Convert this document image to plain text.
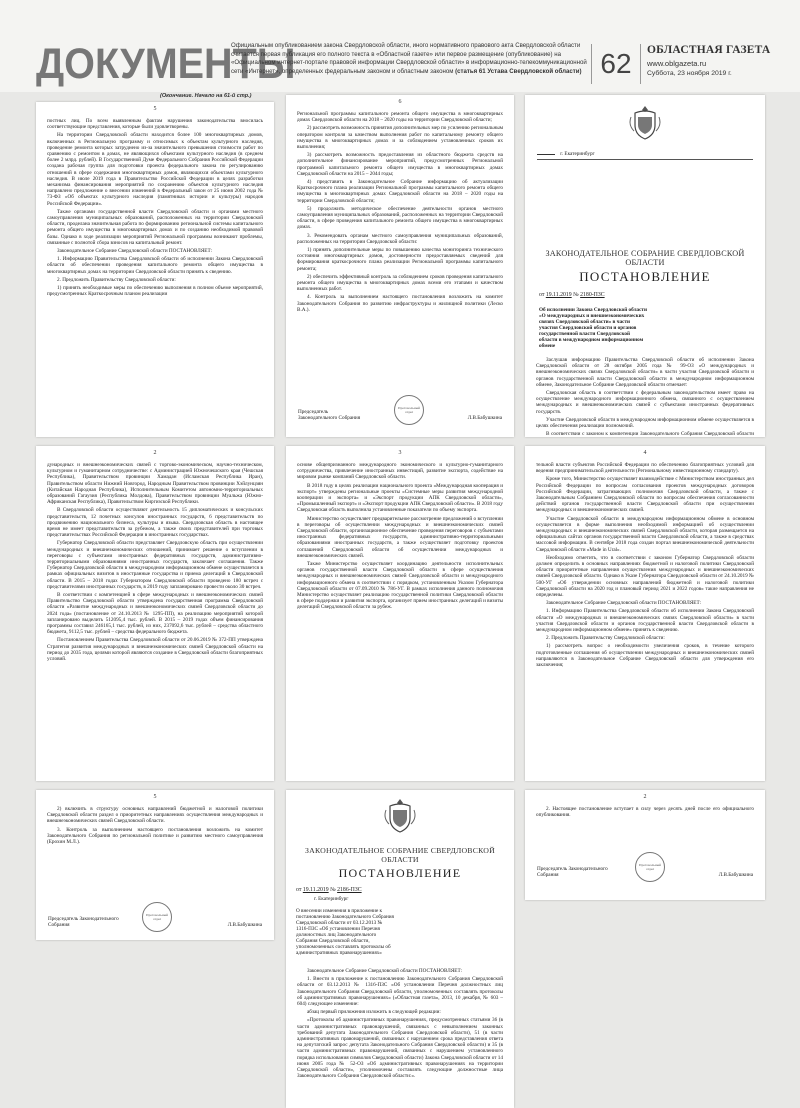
ДОКУМЕНТЫ
Официальным опубликованием закона Свердловской области, иного нормативного правового акта Свердловской области считается первая публикация его полного текста в «Областной газете» или первое размещение (опубликование) на «Официальном интернет-портале правовой информации Свердловской области» в информационно-телекоммуникационной сети «Интернет», определенных федеральным законом и областным законом (статья 61 Устава Свердловской области) 62	ОБЛАСТНАЯ ГАЗЕТА
www.oblgazeta.ru
Суббота, 23 ноября 2019 г.
(Окончание. Начало на 61-й стр.)
5

постных лиц. По всем выявленным фактам нарушения законодательства вносилась соответствующие представления, которые были удовлетворены.

На территории Свердловской области находится более 100 многоквартирных домов, включенных в Региональную программу и относимых к объектам культурного наследия, проведение ремонта которых затруднено из-за значительного превышения стоимости работ по сравнению с ремонтом в домах, не являющихся объектами культурного наследия (в среднем более 2 млрд. рублей). В Государственной Думе Федерального Собрания Российской Федерации создана рабочая группа для подготовки проекта федерального закона по регулированию отношений в сфере содержания многоквартирных домов, являющихся объектами культурного наследия. В июле 2019 года в Правительство Российской Федерации в целях разработки механизма финансирования мероприятий по сохранению объектов культурного наследия направлено предложение о внесении изменений в Федеральный закон от 25 июня 2002 года № 73-ФЗ «Об объектах культурного наследия (памятниках истории и культуры) народов Российской Федерации».

Также органами государственной власти Свердловской области и органами местного самоуправления муниципальных образований, расположенных на территории Свердловской области, проделана значительная работа по формированию региональной системы капитального ремонта общего имущества в многоквартирных домах и по созданию необходимой правовой базы. Однако в ходе реализации мероприятий Региональной программы возникают проблемы, связанные с полнотой сбора взносов на капитальный ремонт.

Законодательное Собрание Свердловской области ПОСТАНОВЛЯЕТ:

1. Информацию Правительства Свердловской области об исполнении Закона Свердловской области об обеспечении проведения капитального ремонта общего имущества в многоквартирных домах на территории Свердловской области принять к сведению.

2. Предложить Правительству Свердловской области:

1) принять необходимые меры по обеспечению выполнения в полном объеме мероприятий, предусмотренных Краткосрочным планом реализации

6

Региональной программы капитального ремонта общего имущества в многоквартирных домах Свердловской области на 2018 – 2020 годы на территории Свердловской области;

2) рассмотреть возможность принятия дополнительных мер по усилению региональным оператором контроля за качеством выполнения работ по капитальному ремонту общего имущества в многоквартирных домах и за соблюдением установленных сроков их выполнения;

3) рассмотреть возможность предоставления из областного бюджета средств на дополнительное финансирование мероприятий, предусмотренных Региональной программой капитального ремонта общего имущества в многоквартирных домах Свердловской области на 2015 – 2044 годы;

4) представить в Законодательное Собрание информацию об актуализации Краткосрочного плана реализации Региональной программы капитального ремонта общего имущества в многоквартирных домах Свердловской области на 2018 – 2020 годы на территории Свердловской области;

5) продолжить методическое обеспечение деятельности органов местного самоуправления муниципальных образований, расположенных на территории Свердловской области, в сфере проведения капитального ремонта общего имущества в многоквартирных домах.

3. Рекомендовать органам местного самоуправления муниципальных образований, расположенных на территории Свердловской области:

1) принять дополнительные меры по повышению качества мониторинга технического состояния многоквартирных домов, достоверности предоставляемых сведений для формирования краткосрочного плана реализации Региональной программы капитального ремонта;

2) обеспечить эффективный контроль за соблюдением сроков проведения капитального ремонта общего имущества в многоквартирных домах всеми его этапами и качеством выполненных работ.

4. Контроль за выполнением настоящего постановления возложить на комитет Законодательного Собрания по развитию инфраструктуры и жилищной политики (Леско В.А.).

Председатель Законодательного Собрания	Л.В.Бабушкина
Протокольный отдел
г. Екатеринбург
ЗАКОНОДАТЕЛЬНОЕ СОБРАНИЕ СВЕРДЛОВСКОЙ ОБЛАСТИ
ПОСТАНОВЛЕНИЕ
от 19.11.2019 № 2180-ПЗС
Об исполнении Закона Свердловской области «О международных и внешнеэкономических связях Свердловской области» в части участия Свердловской области и органов государственной власти Свердловской области в международном информационном обмене

Заслушав информацию Правительства Свердловской области об исполнении Закона Свердловской области от 28 октября 2005 года № 99-ОЗ «О международных и внешнеэкономических связях Свердловской области» в части участия Свердловской области и органов государственной власти Свердловской области в международном информационном обмене, Законодательное Собрание Свердловской области отмечает:

Свердловская область в соответствии с федеральным законодательством имеет право на осуществление международного информационного обмена, связанного с осуществлением международных и внешнеэкономических связей с субъектами иностранных федеративных государств.

Участие Свердловской области в международном информационном обмене осуществляется в целях обеспечения реализации полномочий.

В соответствии с законом к компетенции Законодательного Собрания Свердловской области

2

дународных и внешнеэкономических связей с торгово-экономическом, научно-техническом, культурном и гуманитарном сотрудничестве: с Администрацией Южночешского края (Чешская Республика), Правительством провинции Хамадан (Исламская Республика Иран), Правительством области Нижний Новгород, Народным Правительством провинции Хэйлунцзян (Китайская Народная Республика), Исполнительным Комитетом автономно-территориальных образований Гагаузия (Республика Молдова), Правительством провинции Муальжа (Южно-Африканская Республика), Правительством Киргизской Республики.

В Свердловской области осуществляют деятельность 15 дипломатических и консульских представительств, 12 почетных консулов иностранных государств, 6 представительств по продвижению национального бизнеса, культуры и языка. Свердловская область в настоящее время не имеет представительств за рубежом, а также своих представителей при торговых представительствах Российской Федерации в иностранных государствах.

Губернатор Свердловской области представляет Свердловскую область при осуществлении международных и внешнеэкономических отношений, принимает решение о вступлении в переговоры с субъектами иностранных федеративных государств, административно-территориальными образованиями иностранных государств, заключает соглашения. Также Губернатор Свердловской области в международном информационном обмене осуществляется в рамках официальных визитов в иностранные государства и приема делегаций в Свердловской области. В 2015 – 2018 годах Губернатором Свердловской области проведено 180 встреч с представителями иностранных государств, в 2019 году запланировано провести около 30 встреч.

В соответствии с компетенцией в сфере международных и внешнеэкономических связей Правительство Свердловской области утверждена государственная программа Свердловской области «Развитие международных и внешнеэкономических связей Свердловской области до 2024 года» (постановление от 24.10.2013 № 1295-ПП), на реализацию мероприятий которой запланировано выделить 512095,4 тыс. рублей. В 2015 – 2019 годах объем финансирования программы составил 246165,1 тыс. рублей, из них, 237092,6 тыс. рублей – средства областного бюджета, 9112,5 тыс. рублей – средства федерального бюджета.

Постановлением Правительства Свердловской области от 20.06.2019 № 372-ПП утверждена Стратегия развития международных и внешнеэкономических связей Свердловской области на период до 2035 года, целями которой являются создание в Свердловской области благоприятных условий.

3

основе общепризнанного международного экономического и культурно-гуманитарного сотрудничества, привлечение иностранных инвестиций, развитие экспорта, содействие на мировом рынке компаний Свердловской области.

В 2018 году в целях реализации национального проекта «Международная кооперация и экспорт» утверждены региональные проекты «Системные меры развития международной кооперации и экспорта» и «Экспорт продукции АПК Свердловской области», «Промышленный экспорт» и «Экспорт продукции АПК Свердловской области». В 2018 году Свердловская область выполнила установленные показатели по объему экспорта.

Министерство осуществляет предварительное рассмотрение предложений о вступлении в переговоры об осуществлении международных и внешнеэкономических связей Свердловской области, организационное обеспечение проведения переговоров с субъектами иностранных федеративных государств, административно-территориальными образованиями иностранных государств, а также осуществляет подготовку проектов соглашений Свердловской области об осуществлении международных и внешнеэкономических связей.

Также Министерство осуществляет координацию деятельности исполнительных органов государственной власти Свердловской области в сфере осуществления международных и внешнеэкономических связей Свердловской области и международного информационного обмена в соответствии с порядком, установленным Указом Губернатора Свердловской области от 07.09.2010 № 786-УГ. В рамках исполнения данного полномочия Министерство осуществляет реализацию государственной политики Свердловской области в сфере поддержки и развития экспорта, организует прием иностранных делегаций и визиты делегаций Свердловской области за рубеж.

4

тельной власти субъектов Российской Федерации по обеспечению благоприятных условий для ведения предпринимательской деятельности (Региональному инвестиционному стандарту).

Кроме того, Министерство осуществляет взаимодействие с Министерством иностранных дел Российской Федерации по вопросам согласования проектов международных договоров Российской Федерации, затрагивающих полномочия Свердловской области, а также с Законодательным Собранием Свердловской области по вопросам обеспечения согласованности действий органов государственной власти Свердловской области при осуществлении международных и внешнеэкономических связей.

Участие Свердловской области в международном информационном обмене в основном осуществляется в форме выполнения необходимой информацией об осуществлении международных и внешнеэкономических связей Свердловской области, которая размещается на официальных сайтах органов государственной власти Свердловской области, а также в средствах массовой информации. В сентябре 2018 года создан портал внешнеэкономической деятельности Свердловской области «Made in Ural».

Необходимо отметить, что в соответствии с законом Губернатор Свердловской области должен определить в основных направлениях бюджетной и налоговой политики Свердловской области приоритетные направления осуществления международных и внешнеэкономических связей Свердловской области. Однако в Указе Губернатора Свердловской области от 24.10.2019 № 500-УГ «Об утверждении основных направлений бюджетной и налоговой политики Свердловской области на 2020 год и плановый период 2021 и 2022 годов» такие направления не определены.

Законодательное Собрание Свердловской области ПОСТАНОВЛЯЕТ:

1. Информацию Правительства Свердловской области об исполнении Закона Свердловской области «О международных и внешнеэкономических связях Свердловской области» в части участия Свердловской области и органов государственной власти Свердловской области в международном информационном обмене» принять к сведению.

2. Предложить Правительству Свердловской области:

1) рассмотреть вопрос о необходимости увеличения сроков, в течение которого подготовленные соглашения об осуществлении международных и внешнеэкономических связей направляются в Законодательное Собрание Свердловской области для утверждения его заключения;

5

2) включить в структуру основных направлений бюджетной и налоговой политики Свердловской области раздел о приоритетных направлениях осуществления международных и внешнеэкономических связей Свердловской области.

3. Контроль за выполнением настоящего постановления возложить на комитет Законодательного Собрания по региональной политике и развитию местного самоуправления (Ерохин М.Л.).

Председатель Законодательного Собрания	Л.В.Бабушкина
Протокольный отдел
ЗАКОНОДАТЕЛЬНОЕ СОБРАНИЕ СВЕРДЛОВСКОЙ ОБЛАСТИ
ПОСТАНОВЛЕНИЕ
от 19.11.2019 № 2186-ПЗС
г. Екатеринбург
О внесении изменения в приложение к постановлению Законодательного Собрания Свердловской области от 03.12.2013 № 1316-ПЗС «Об установлении Перечня должностных лиц Законодательного Собрания Свердловской области, уполномоченных составлять протоколы об административных правонарушениях»

Законодательное Собрание Свердловской области ПОСТАНОВЛЯЕТ:

1. Внести в приложение к постановлению Законодательного Собрания Свердловской области от 03.12.2013 № 1316-ПЗС «Об установлении Перечня должностных лиц Законодательного Собрания Свердловской области, уполномоченных составлять протоколы об административных правонарушениях» («Областная газета», 2013, 10 декабря, № 603 – 604) следующее изменение:

абзац первый приложения изложить в следующей редакции:

«Протоколы об административных правонарушениях, предусмотренных статьями 36 (в части административных правонарушений, связанных с невыполнением законных требований депутата Законодательного Собрания Свердловской области), 51 (в части административных правонарушений, связанных с нарушением срока представления ответа на депутатский запрос депутата Законодательного Собрания Свердловской области) и 35 (в части административных правонарушений, связанных с нарушением установленного порядка использования символов Свердловской области) Закона Свердловской области от 14 июня 2005 года № 52-ОЗ «Об административных правонарушениях на территории Свердловской области», уполномочены составлять следующие должностные лица Законодательного Собрания Свердловской области:».

2

2. Настоящее постановление вступает в силу через десять дней после его официального опубликования.

Председатель Законодательного Собрания	Л.В.Бабушкина
Протокольный отдел
